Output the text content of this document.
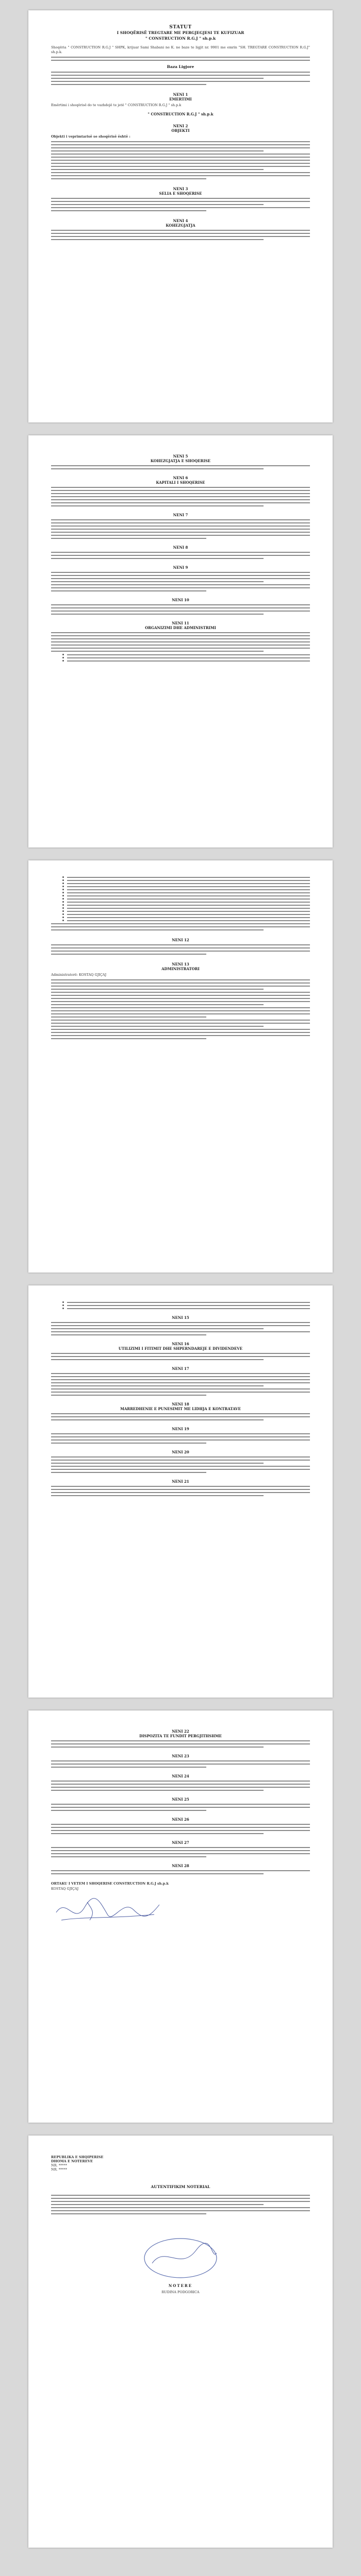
STATUT
I SHOQËRISË TREGTARE ME PERGJEGJESI TE KUFIZUAR
" CONSTRUCTION R.G.J " sh.p.k
Shoqëria " CONSTRUCTION R.G.J " SHPK, krijuar Sami Shabani ne K. ne baze te ligjit nr. 9901 me emrin "SH. TREGTARE CONSTRUCTION R.G.J" sh.p.k.
Baza Ligjore
NENI 1
EMERTIMI
Emërtimi i shoqërisë do te vazhdojë te jetë " CONSTRUCTION R.G.J " sh.p.k
" CONSTRUCTION R.G.J " sh.p.k
NENI 2
OBJEKTI
Objekti i veprimtarisë se shoqërisë është :
NENI 3
SELIA E SHOQERISE
NENI 4
KOHEZGJATJA
NENI 5
KOHEZGJATJA E SHOQERISE
NENI 6
KAPITALI I SHOQERISE
NENI 7
NENI 8
NENI 9
NENI 10
NENI 11
ORGANIZIMI DHE ADMINISTRIMI
NENI 12
NENI 13
ADMINISTRATORI
Administratorë: KOSTAQ GJIÇAJ
NENI 15
NENI 16
UTILIZIMI I FITIMIT DHE SHPERNDAREJE E DIVIDENDEVE
NENI 17
NENI 18
MARREDHENIE E PUNESIMIT ME LIDHJA E KONTRATAVE
NENI 19
NENI 20
NENI 21
NENI 22
DISPOZITA TE FUNDIT PERGJITHSHME
NENI 23
NENI 24
NENI 25
NENI 26
NENI 27
NENI 28
ORTAKU I VETEM I SHOQERISE CONSTRUCTION R.G.J sh.p.k
KOSTAQ GJIÇAJ
REPUBLIKA E SHQIPERISE
DHOMA E NOTEREVE
NR. *****
NR. *****
AUTENTIFIKIM NOTERIAL
NOTERE
RUDINA PODGORICA
